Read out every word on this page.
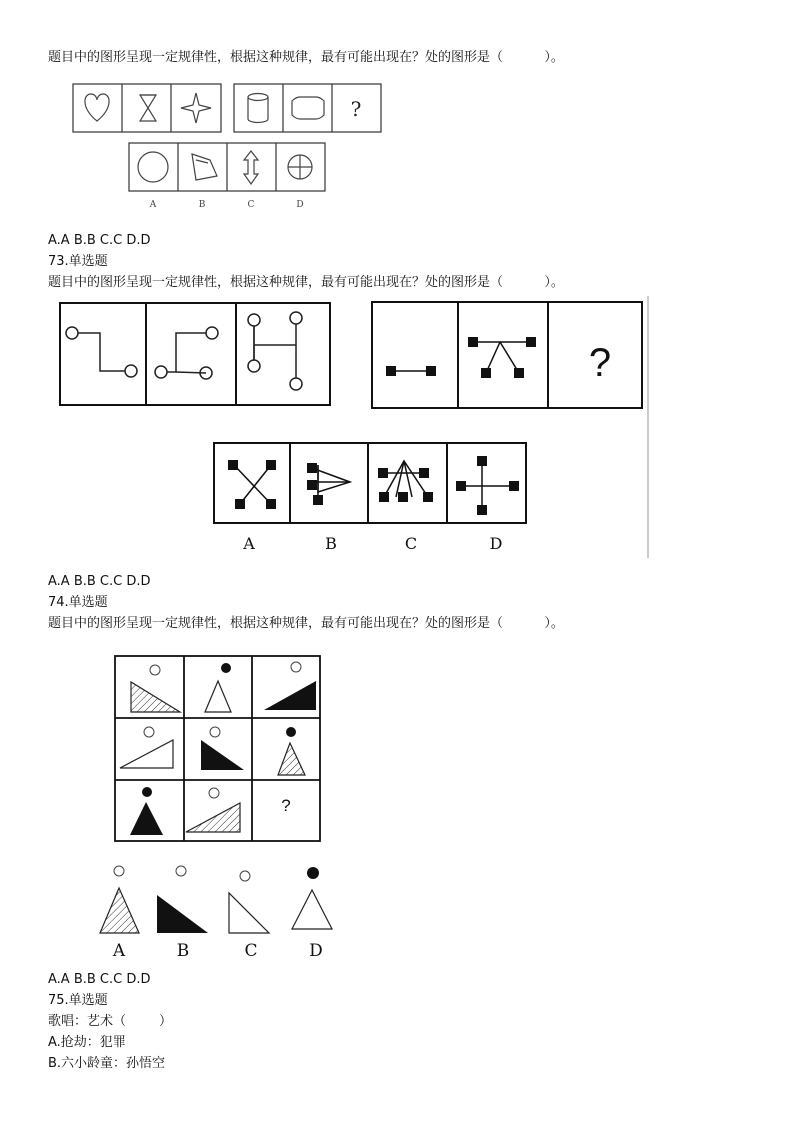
题目中的图形呈现一定规律性，根据这种规律，最有可能出现在？处的图形是（          ）。
?
A	B	C	D
A.A B.B C.C D.D
73.单选题
题目中的图形呈现一定规律性，根据这种规律，最有可能出现在？处的图形是（          ）。
?
A	B	C	D
A.A B.B C.C D.D
74.单选题
题目中的图形呈现一定规律性，根据这种规律，最有可能出现在？处的图形是（          ）。
?
A	B	C	D
A.A B.B C.C D.D
75.单选题
歌唱：艺术（        ）
A.抢劫：犯罪
B.六小龄童：孙悟空
